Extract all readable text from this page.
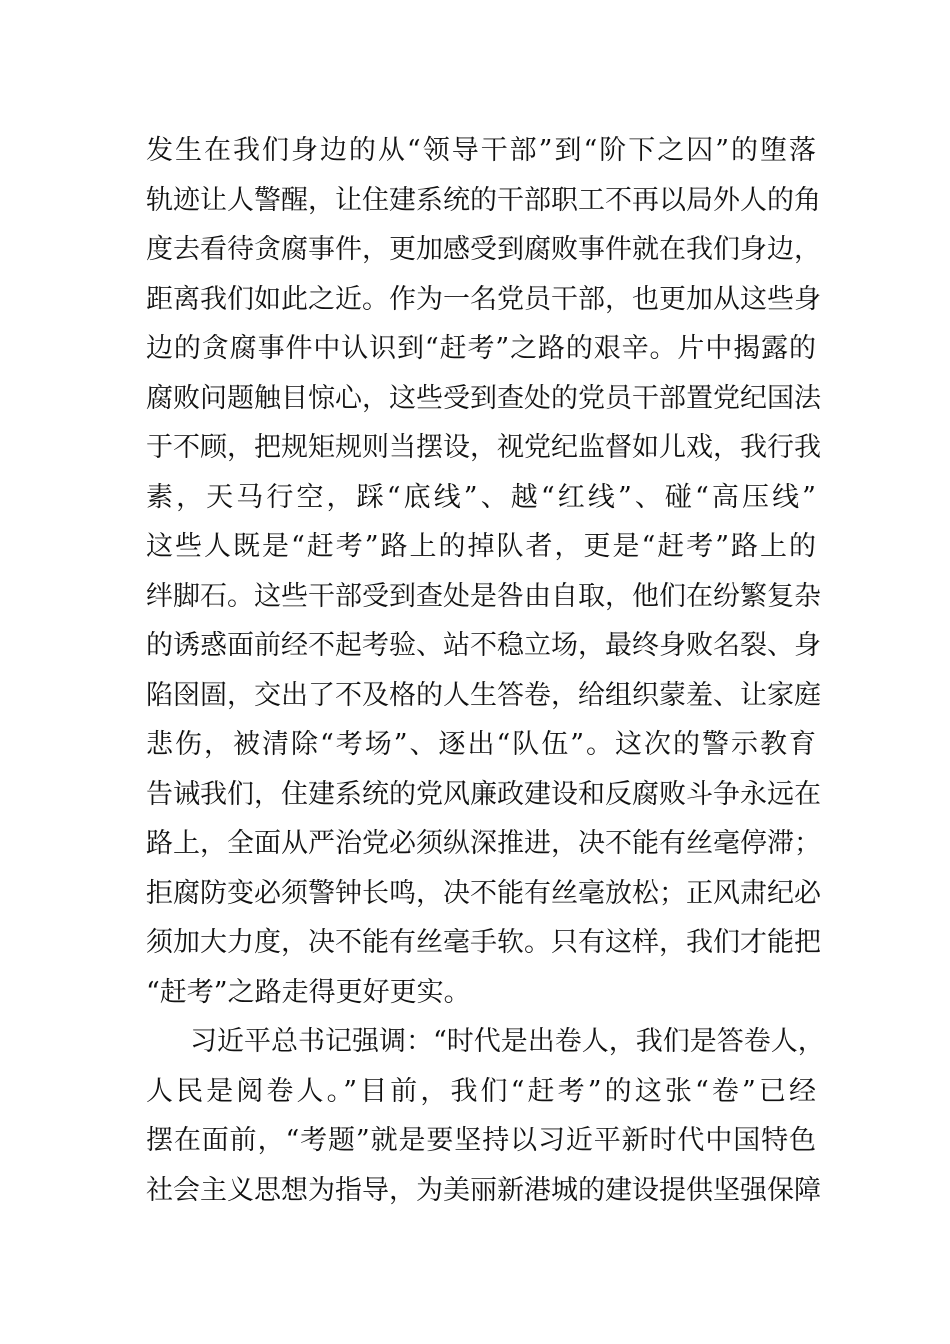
发生在我们身边的从“领导干部”到“阶下之囚”的堕落
轨迹让人警醒，让住建系统的干部职工不再以局外人的角
度去看待贪腐事件，更加感受到腐败事件就在我们身边，
距离我们如此之近。作为一名党员干部，也更加从这些身
边的贪腐事件中认识到“赶考”之路的艰辛。片中揭露的
腐败问题触目惊心，这些受到查处的党员干部置党纪国法
于不顾，把规矩规则当摆设，视党纪监督如儿戏，我行我
素，天马行空，踩“底线”、越“红线”、碰“高压线”
这些人既是“赶考”路上的掉队者，更是“赶考”路上的
绊脚石。这些干部受到查处是咎由自取，他们在纷繁复杂
的诱惑面前经不起考验、站不稳立场，最终身败名裂、身
陷囹圄，交出了不及格的人生答卷，给组织蒙羞、让家庭
悲伤，被清除“考场”、逐出“队伍”。这次的警示教育
告诫我们，住建系统的党风廉政建设和反腐败斗争永远在
路上，全面从严治党必须纵深推进，决不能有丝毫停滞；
拒腐防变必须警钟长鸣，决不能有丝毫放松；正风肃纪必
须加大力度，决不能有丝毫手软。只有这样，我们才能把
“赶考”之路走得更好更实。
习近平总书记强调：“时代是出卷人，我们是答卷人，
人民是阅卷人。”目前，我们“赶考”的这张“卷”已经
摆在面前，“考题”就是要坚持以习近平新时代中国特色
社会主义思想为指导，为美丽新港城的建设提供坚强保障
